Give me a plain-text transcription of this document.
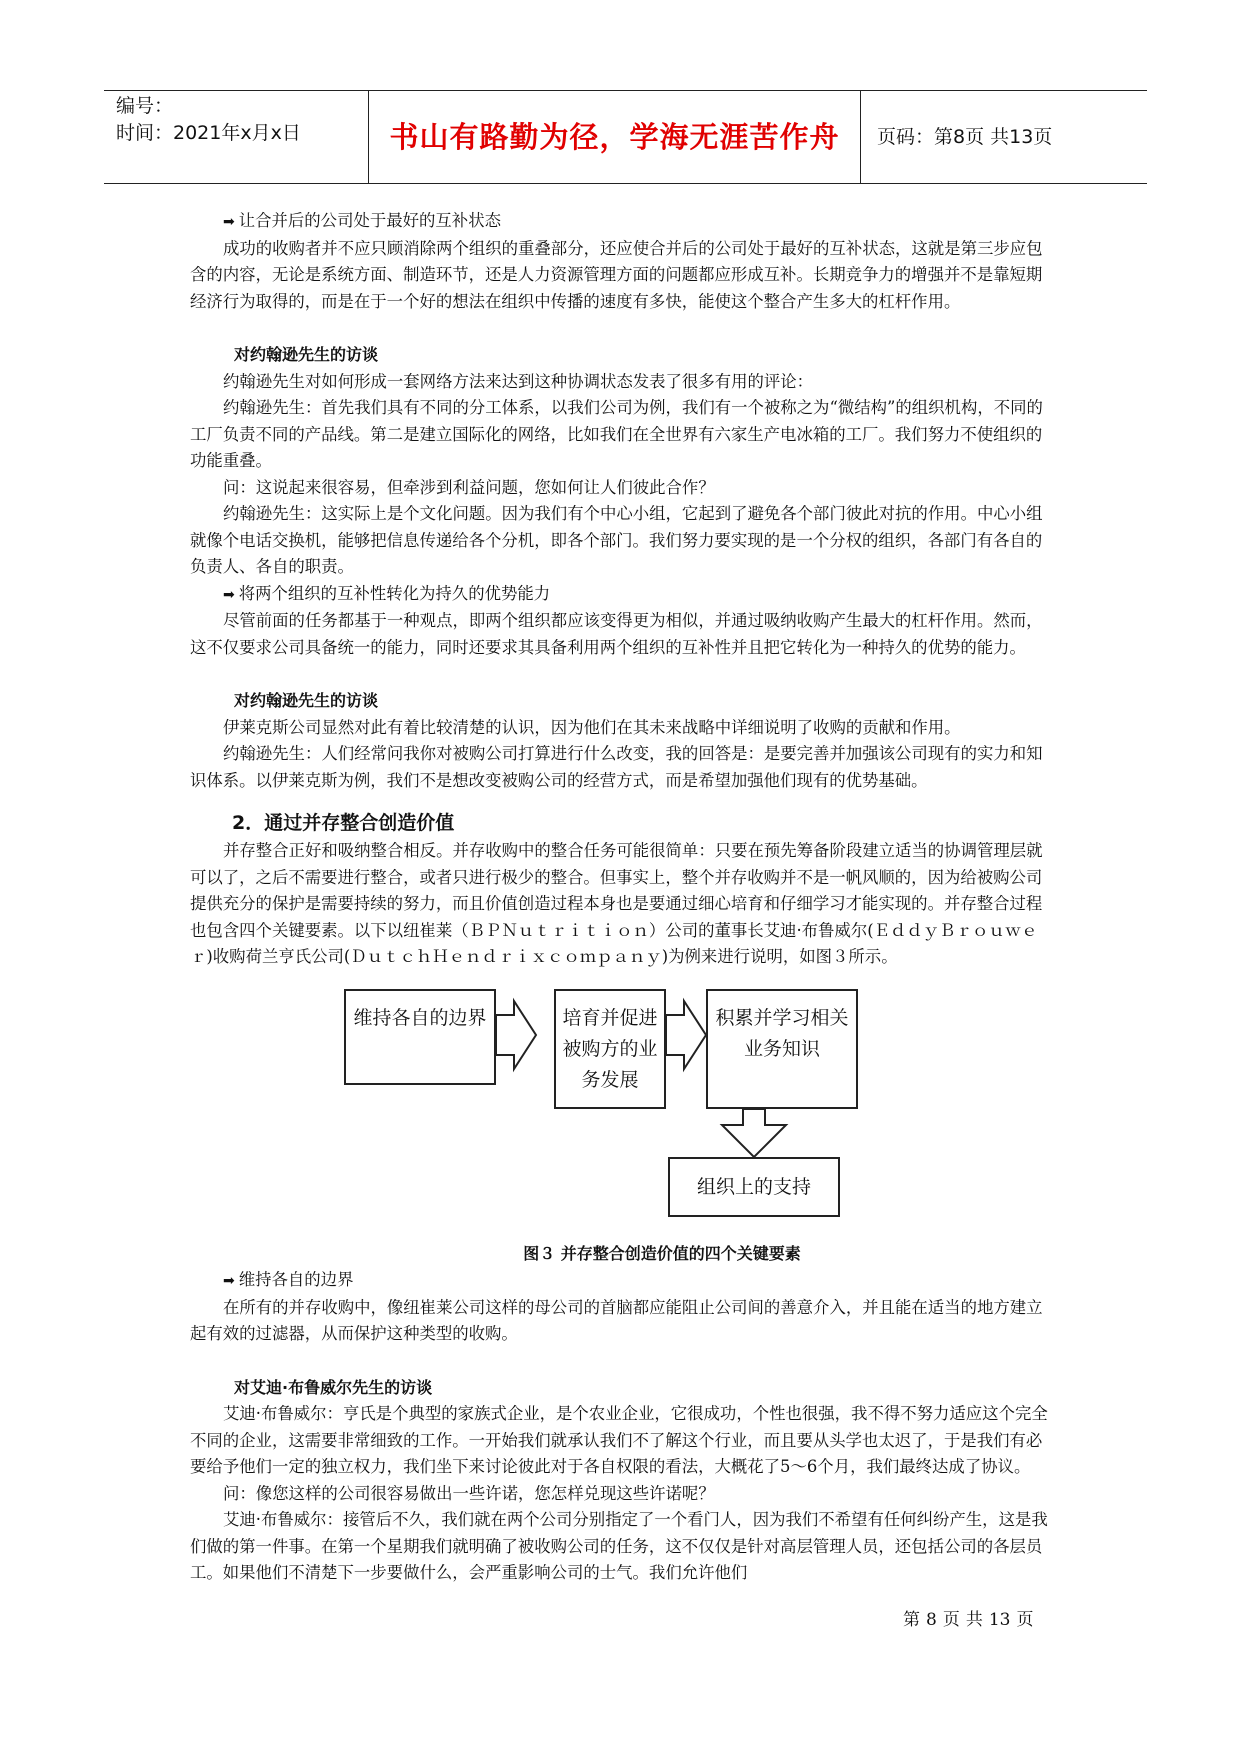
编号：
时间：2021年x月x日	书山有路勤为径，学海无涯苦作舟	页码：第8页 共13页

➡ 让合并后的公司处于最好的互补状态

成功的收购者并不应只顾消除两个组织的重叠部分，还应使合并后的公司处于最好的互补状态，这就是第三步应包含的内容，无论是系统方面、制造环节，还是人力资源管理方面的问题都应形成互补。长期竞争力的增强并不是靠短期经济行为取得的，而是在于一个好的想法在组织中传播的速度有多快，能使这个整合产生多大的杠杆作用。

对约翰逊先生的访谈

约翰逊先生对如何形成一套网络方法来达到这种协调状态发表了很多有用的评论：

约翰逊先生：首先我们具有不同的分工体系，以我们公司为例，我们有一个被称之为“微结构”的组织机构，不同的工厂负责不同的产品线。第二是建立国际化的网络，比如我们在全世界有六家生产电冰箱的工厂。我们努力不使组织的功能重叠。

问：这说起来很容易，但牵涉到利益问题，您如何让人们彼此合作？

约翰逊先生：这实际上是个文化问题。因为我们有个中心小组，它起到了避免各个部门彼此对抗的作用。中心小组就像个电话交换机，能够把信息传递给各个分机，即各个部门。我们努力要实现的是一个分权的组织，各部门有各自的负责人、各自的职责。

➡ 将两个组织的互补性转化为持久的优势能力

尽管前面的任务都基于一种观点，即两个组织都应该变得更为相似，并通过吸纳收购产生最大的杠杆作用。然而，这不仅要求公司具备统一的能力，同时还要求其具备利用两个组织的互补性并且把它转化为一种持久的优势的能力。

对约翰逊先生的访谈

伊莱克斯公司显然对此有着比较清楚的认识，因为他们在其未来战略中详细说明了收购的贡献和作用。

约翰逊先生：人们经常问我你对被购公司打算进行什么改变，我的回答是：是要完善并加强该公司现有的实力和知识体系。以伊莱克斯为例，我们不是想改变被购公司的经营方式，而是希望加强他们现有的优势基础。

2．通过并存整合创造价值

并存整合正好和吸纳整合相反。并存收购中的整合任务可能很简单：只要在预先筹备阶段建立适当的协调管理层就可以了，之后不需要进行整合，或者只进行极少的整合。但事实上，整个并存收购并不是一帆风顺的，因为给被购公司提供充分的保护是需要持续的努力，而且价值创造过程本身也是要通过细心培育和仔细学习才能实现的。并存整合过程也包含四个关键要素。以下以纽崔莱（ＢＰＮｕｔｒｉｔｉｏｎ）公司的董事长艾迪·布鲁威尔(ＥｄｄｙＢｒｏｕｗｅｒ)收购荷兰亨氏公司(ＤｕｔｃｈＨｅｎｄｒｉｘｃｏｍｐａｎｙ)为例来进行说明，如图３所示。

维持各自的边界	培育并促进被购方的业务发展
积累并学习相关业务知识
组织上的支持

图３ 并存整合创造价值的四个关键要素

➡ 维持各自的边界

在所有的并存收购中，像纽崔莱公司这样的母公司的首脑都应能阻止公司间的善意介入，并且能在适当的地方建立起有效的过滤器，从而保护这种类型的收购。

对艾迪·布鲁威尔先生的访谈

艾迪·布鲁威尔：亨氏是个典型的家族式企业，是个农业企业，它很成功，个性也很强，我不得不努力适应这个完全不同的企业，这需要非常细致的工作。一开始我们就承认我们不了解这个行业，而且要从头学也太迟了，于是我们有必要给予他们一定的独立权力，我们坐下来讨论彼此对于各自权限的看法，大概花了5～6个月，我们最终达成了协议。

问：像您这样的公司很容易做出一些许诺，您怎样兑现这些许诺呢？

艾迪·布鲁威尔：接管后不久，我们就在两个公司分别指定了一个看门人，因为我们不希望有任何纠纷产生，这是我们做的第一件事。在第一个星期我们就明确了被收购公司的任务，这不仅仅是针对高层管理人员，还包括公司的各层员工。如果他们不清楚下一步要做什么，会严重影响公司的士气。我们允许他们

第 8 页 共 13 页
